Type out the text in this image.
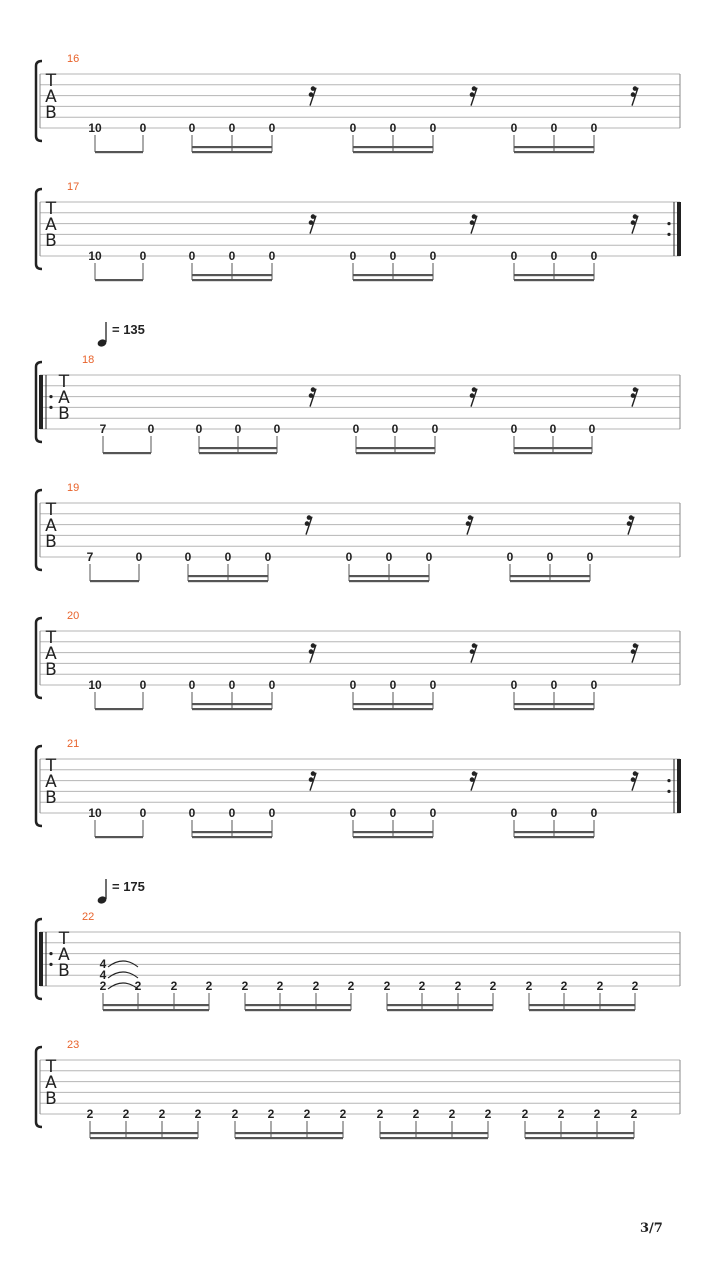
T
A
B
16
10	0	0	0	0	0	0	0	0	0	0
T
A
B
17
10	0	0	0	0	0	0	0	0	0	0
T
A
B
18
= 135
7	0	0	0	0	0	0	0	0	0	0
T
A
B
19
7	0	0	0	0	0	0	0	0	0	0
T
A
B
20
10	0	0	0	0	0	0	0	0	0	0
T
A
B
21
10	0	0	0	0	0	0	0	0	0	0
T
A
B
22
= 175
4
4
2 2 2 2 2 2 2 2 2 2 2 2 2 2 2 2
T
A
B
23
2 2 2 2	2 2 2 2	2 2 2 2	2 2 2	2
3/7
